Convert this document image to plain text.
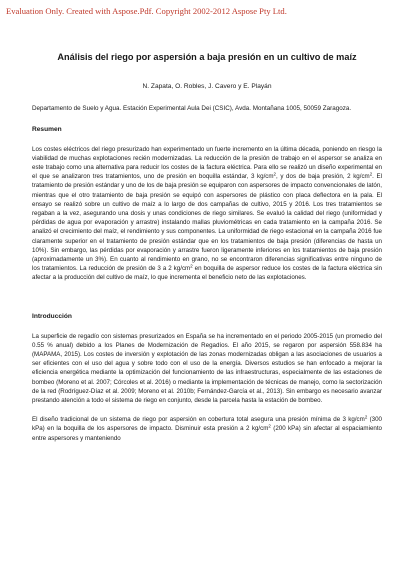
Evaluation Only. Created with Aspose.Pdf. Copyright 2002-2012 Aspose Pty Ltd.
Análisis del riego por aspersión a baja presión en un cultivo de maíz
N. Zapata, O. Robles, J. Cavero y E. Playán
Departamento de Suelo y Agua. Estación Experimental Aula Dei (CSIC), Avda. Montañana 1005, 50059 Zaragoza.
Resumen

Los costes eléctricos del riego presurizado han experimentado un fuerte incremento en la última década, poniendo en riesgo la viabilidad de muchas explotaciones recién modernizadas. La reducción de la presión de trabajo en el aspersor se analiza en este trabajo como una alternativa para reducir los costes de la factura eléctrica. Para ello se realizó un diseño experimental en el que se analizaron tres tratamientos, uno de presión en boquilla estándar, 3 $kg/cm^2$, y dos de baja presión, 2 $kg/cm^2$. El tratamiento de presión estándar y uno de los de baja presión se equiparon con aspersores de impacto convencionales de latón, mientras que el otro tratamiento de baja presión se equipó con aspersores de plástico con placa deflectora en la pala. El ensayo se realizó sobre un cultivo de maíz a lo largo de dos campañas de cultivo, 2015 y 2016. Los tres tratamientos se regaban a la vez, asegurando una dosis y unas condiciones de riego similares. Se evaluó la calidad del riego (uniformidad y pérdidas de agua por evaporación y arrastre) instalando mallas pluviométricas en cada tratamiento en la campaña 2016. Se analizó el crecimiento del maíz, el rendimiento y sus componentes. La uniformidad de riego estacional en la campaña 2016 fue claramente superior en el tratamiento de presión estándar que en los tratamientos de baja presión (diferencias de hasta un 10%). Sin embargo, las pérdidas por evaporación y arrastre fueron ligeramente inferiores en los tratamientos de baja presión (aproximadamente un 3%). En cuanto al rendimiento en grano, no se encontraron diferencias significativas entre ninguno de los tratamientos. La reducción de presión de 3 a 2 $kg/cm^2$ en boquilla de aspersor reduce los costes de la factura eléctrica sin afectar a la producción del cultivo de maíz, lo que incrementa el beneficio neto de las explotaciones.

Introducción

La superficie de regadío con sistemas presurizados en España se ha incrementado en el periodo 2005-2015 (un promedio del 0.55 % anual) debido a los Planes de Modernización de Regadíos. El año 2015, se regaron por aspersión 558.834 ha (MAPAMA, 2015). Los costes de inversión y explotación de las zonas modernizadas obligan a las asociaciones de usuarios a ser eficientes con el uso del agua y sobre todo con el uso de la energía. Diversos estudios se han enfocado a mejorar la eficiencia energética mediante la optimización del funcionamiento de las infraestructuras, especialmente de las estaciones de bombeo (Moreno et al. 2007; Córcoles et al. 2016) o mediante la implementación de técnicas de manejo, como la sectorización de la red (Rodríguez-Díaz et al. 2009; Moreno et al. 2010b; Fernández-García et al., 2013). Sin embargo es necesario avanzar prestando atención a todo el sistema de riego en conjunto, desde la parcela hasta la estación de bombeo.

El diseño tradicional de un sistema de riego por aspersión en cobertura total asegura una presión mínima de 3 $kg/cm^2$ (300 kPa) en la boquilla de los aspersores de impacto. Disminuir esta presión a 2 $kg/cm^2$ (200 kPa) sin afectar al espaciamiento entre aspersores y manteniendo
